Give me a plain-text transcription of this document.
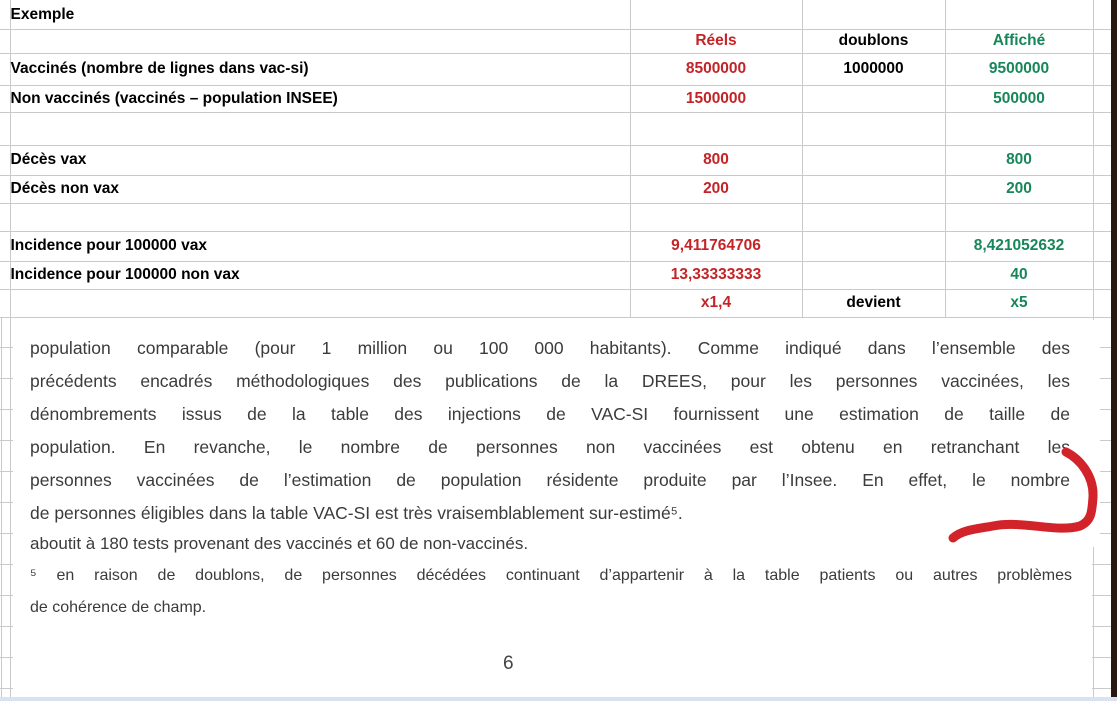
	Exemple				
		Réels	doublons	Affiché	
	Vaccinés (nombre de lignes dans vac-si)	8500000	1000000	9500000	
	Non vaccinés (vaccinés – population INSEE)	1500000		500000	

	Décès vax	800		800	
	Décès non vax	200		200	

	Incidence pour 100000 vax	9,411764706		8,421052632	
	Incidence pour 100000 non vax	13,33333333		40	
		x1,4	devient	x5	
population comparable (pour 1 million ou 100 000 habitants). Comme indiqué dans l’ensemble des
précédents encadrés méthodologiques des publications de la DREES, pour les personnes vaccinées, les
dénombrements issus de la table des injections de VAC-SI fournissent une estimation de taille de
population. En revanche, le nombre de personnes non vaccinées est obtenu en retranchant les
personnes vaccinées de l’estimation de population résidente produite par l’Insee. En effet, le nombre
de personnes éligibles dans la table VAC-SI est très vraisemblablement sur-estimé⁵.
aboutit à 180 tests provenant des vaccinés et 60 de non-vaccinés.
⁵ en raison de doublons, de personnes décédées continuant d’appartenir à la table patients ou autres problèmes
de cohérence de champ.
6
